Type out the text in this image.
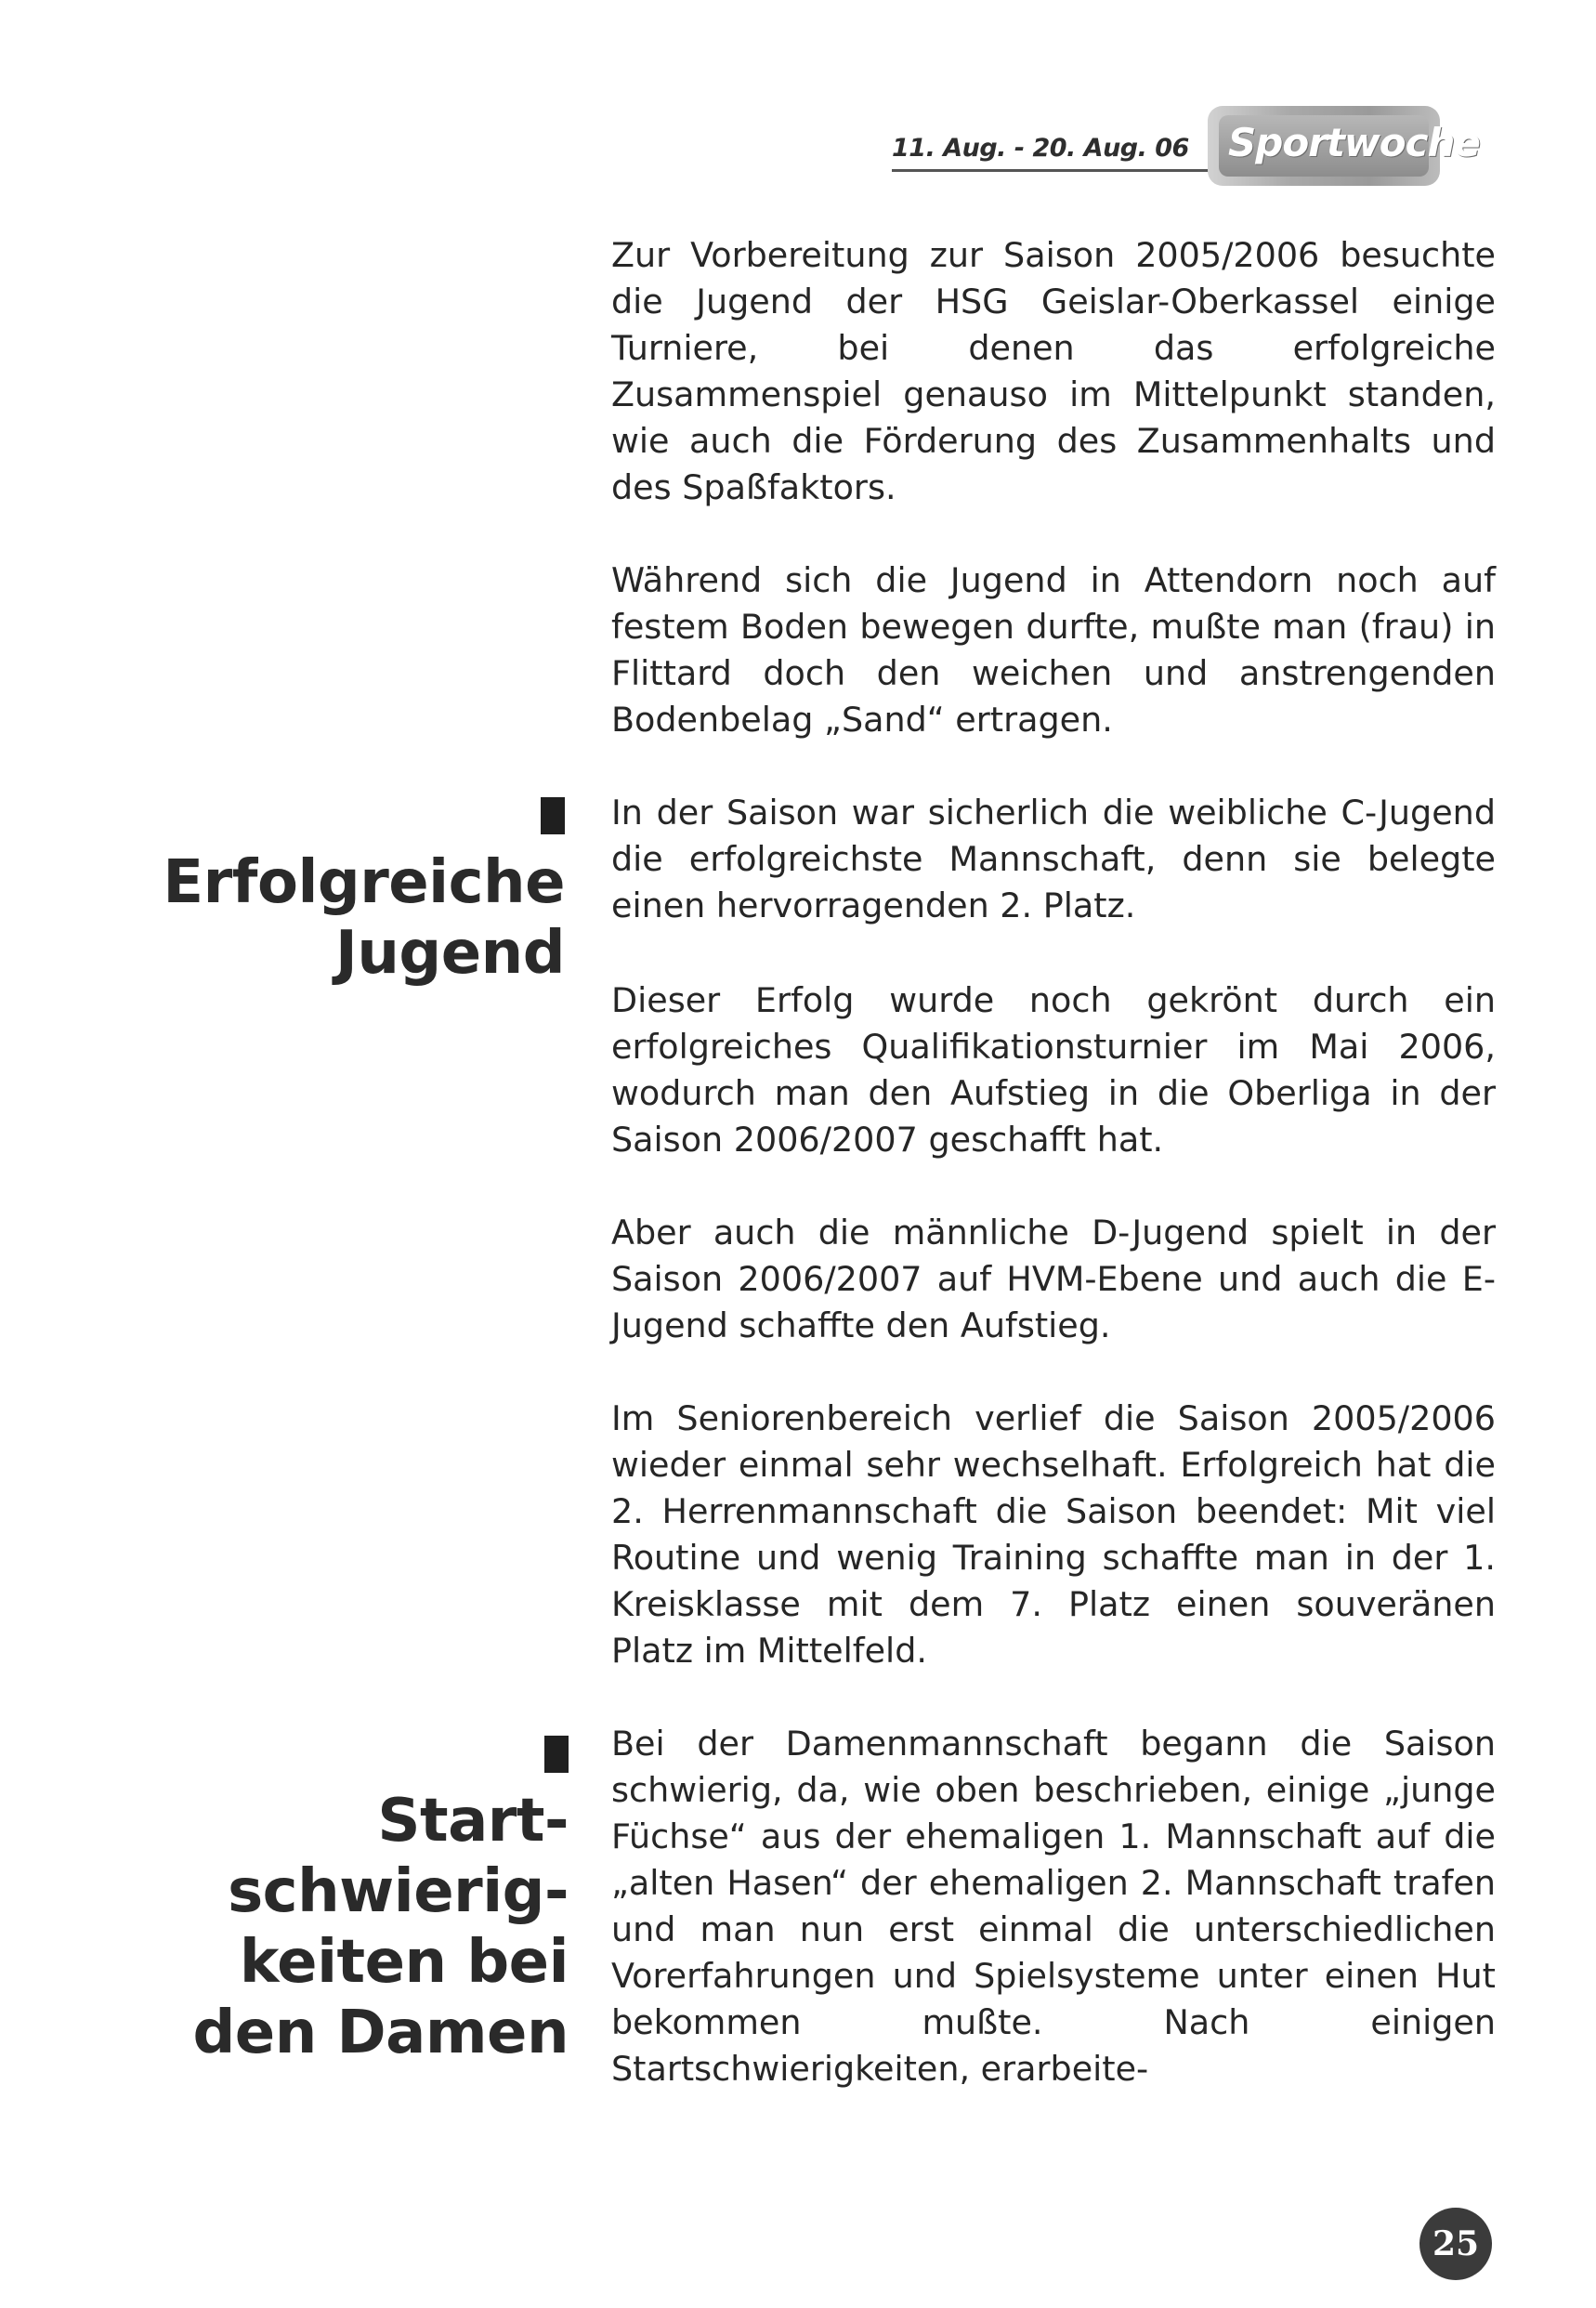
11. Aug. - 20. Aug. 06 Sportwoche
Erfolgreiche
Jugend
Start-
schwierig-
keiten bei
den Damen

Zur Vorbereitung zur Saison 2005/2006 besuchte die Jugend der HSG Geislar-Oberkassel einige Turniere, bei denen das erfolgreiche Zusammenspiel genauso im Mittelpunkt standen, wie auch die Förderung des Zusammenhalts und des Spaßfaktors.

Während sich die Jugend in Attendorn noch auf festem Boden bewegen durfte, mußte man (frau) in Flittard doch den weichen und anstrengenden Bodenbelag „Sand“ ertragen.

In der Saison war sicherlich die weibliche C-Jugend die erfolgreichste Mannschaft, denn sie belegte einen hervorragenden 2. Platz.

Dieser Erfolg wurde noch gekrönt durch ein erfolgreiches Qualifikationsturnier im Mai 2006, wodurch man den Aufstieg in die Oberliga in der Saison 2006/2007 geschafft hat.

Aber auch die männliche D-Jugend spielt in der Saison 2006/2007 auf HVM-Ebene und auch die E-Jugend schaffte den Aufstieg.

Im Seniorenbereich verlief die Saison 2005/2006 wieder einmal sehr wechselhaft. Erfolgreich hat die 2. Herrenmannschaft die Saison beendet: Mit viel Routine und wenig Training schaffte man in der 1. Kreisklasse mit dem 7. Platz einen souveränen Platz im Mittelfeld.

Bei der Damenmannschaft begann die Saison schwierig, da, wie oben beschrieben, einige „junge Füchse“ aus der ehemaligen 1. Mannschaft auf die „alten Hasen“ der ehemaligen 2. Mannschaft trafen und man nun erst einmal die unterschiedlichen Vorerfahrungen und Spielsysteme unter einen Hut bekommen mußte. Nach einigen Startschwierigkeiten, erarbeite-

25
